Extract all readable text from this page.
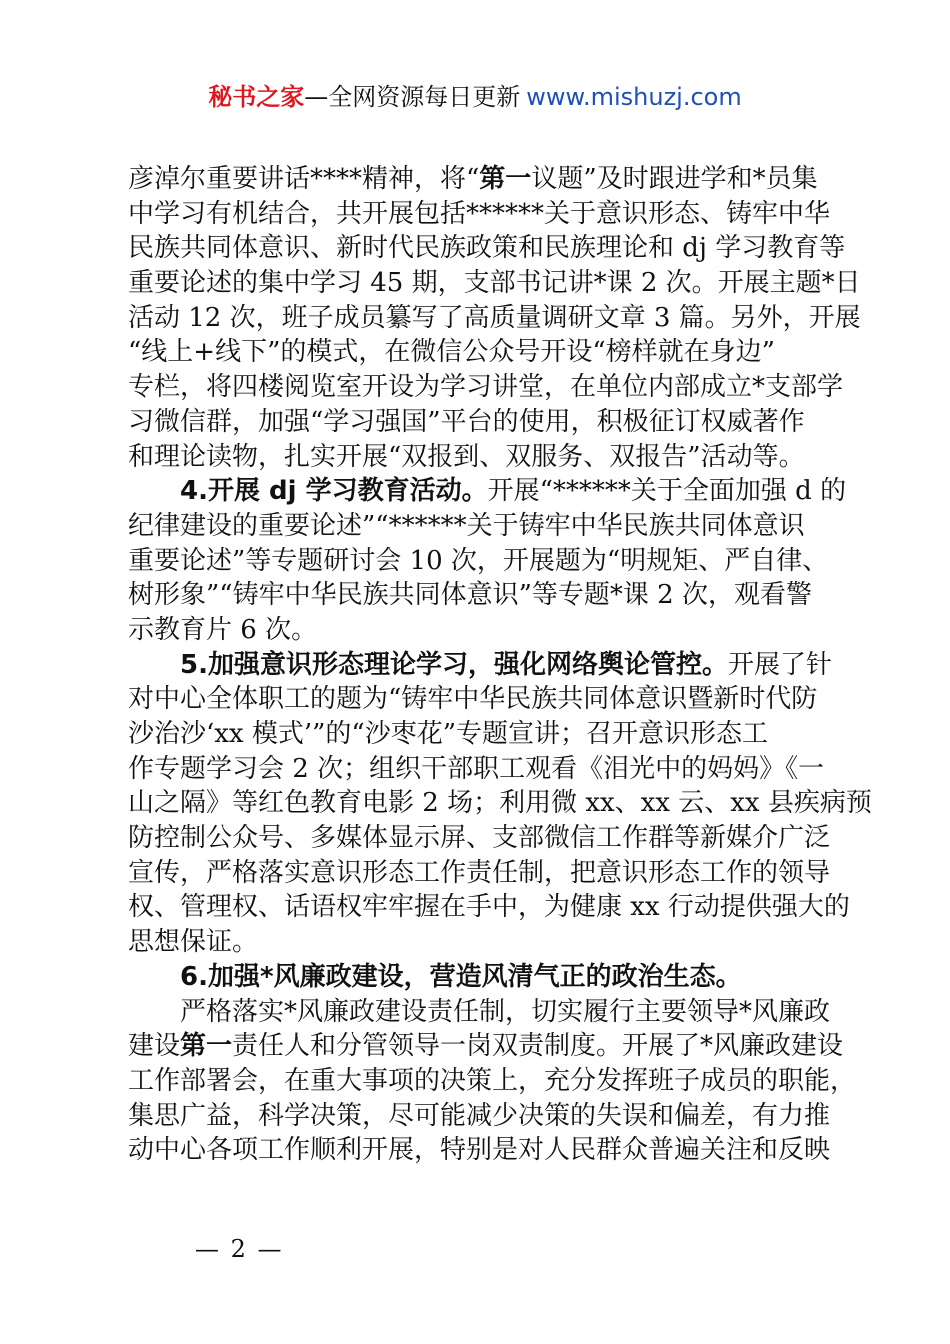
秘书之家—全网资源每日更新 www.mishuzj.com
彦淖尔重要讲话****精神，将“第一议题”及时跟进学和*员集
中学习有机结合，共开展包括******关于意识形态、铸牢中华
民族共同体意识、新时代民族政策和民族理论和 dj 学习教育等
重要论述的集中学习 45 期，支部书记讲*课 2 次。开展主题*日
活动 12 次，班子成员纂写了高质量调研文章 3 篇。另外，开展
“线上+线下”的模式，在微信公众号开设“榜样就在身边”
专栏，将四楼阅览室开设为学习讲堂，在单位内部成立*支部学
习微信群，加强“学习强国”平台的使用，积极征订权威著作
和理论读物，扎实开展“双报到、双服务、双报告”活动等。
4.开展 dj 学习教育活动。开展“******关于全面加强 d 的
纪律建设的重要论述”“******关于铸牢中华民族共同体意识
重要论述”等专题研讨会 10 次，开展题为“明规矩、严自律、
树形象”“铸牢中华民族共同体意识”等专题*课 2 次，观看警
示教育片 6 次。
5.加强意识形态理论学习，强化网络舆论管控。开展了针
对中心全体职工的题为“铸牢中华民族共同体意识暨新时代防
沙治沙‘xx 模式’”的“沙枣花”专题宣讲；召开意识形态工
作专题学习会 2 次；组织干部职工观看《泪光中的妈妈》《一
山之隔》等红色教育电影 2 场；利用微 xx、xx 云、xx 县疾病预
防控制公众号、多媒体显示屏、支部微信工作群等新媒介广泛
宣传，严格落实意识形态工作责任制，把意识形态工作的领导
权、管理权、话语权牢牢握在手中，为健康 xx 行动提供强大的
思想保证。
6.加强*风廉政建设，营造风清气正的政治生态。
严格落实*风廉政建设责任制，切实履行主要领导*风廉政
建设第一责任人和分管领导一岗双责制度。开展了*风廉政建设
工作部署会，在重大事项的决策上，充分发挥班子成员的职能，
集思广益，科学决策，尽可能减少决策的失误和偏差，有力推
动中心各项工作顺利开展，特别是对人民群众普遍关注和反映
— 2 —
